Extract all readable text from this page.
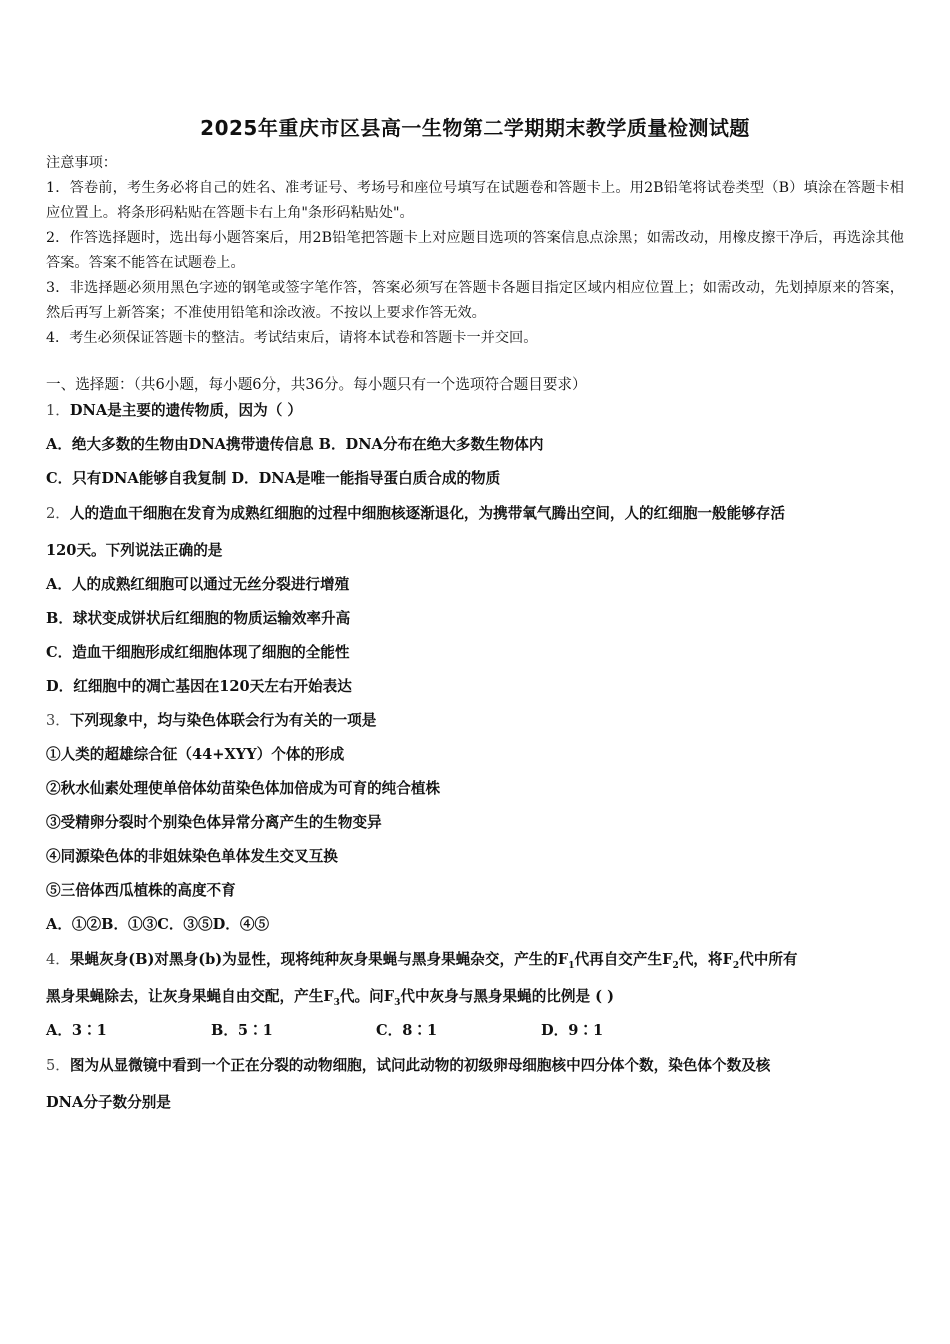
2025年重庆市区县高一生物第二学期期末教学质量检测试题

注意事项：

1．答卷前，考生务必将自己的姓名、准考证号、考场号和座位号填写在试题卷和答题卡上。用2B铅笔将试卷类型（B）填涂在答题卡相应位置上。将条形码粘贴在答题卡右上角"条形码粘贴处"。

2．作答选择题时，选出每小题答案后，用2B铅笔把答题卡上对应题目选项的答案信息点涂黑；如需改动，用橡皮擦干净后，再选涂其他答案。答案不能答在试题卷上。

3．非选择题必须用黑色字迹的钢笔或签字笔作答，答案必须写在答题卡各题目指定区域内相应位置上；如需改动，先划掉原来的答案，然后再写上新答案；不准使用铅笔和涂改液。不按以上要求作答无效。

4．考生必须保证答题卡的整洁。考试结束后，请将本试卷和答题卡一并交回。

一、选择题：（共6小题，每小题6分，共36分。每小题只有一个选项符合题目要求）
1．DNA是主要的遗传物质，因为（ ）
A．绝大多数的生物由DNA携带遗传信息 B．DNA分布在绝大多数生物体内
C．只有DNA能够自我复制 D．DNA是唯一能指导蛋白质合成的物质
2．人的造血干细胞在发育为成熟红细胞的过程中细胞核逐渐退化，为携带氧气腾出空间，人的红细胞一般能够存活
120天。下列说法正确的是
A．人的成熟红细胞可以通过无丝分裂进行增殖
B．球状变成饼状后红细胞的物质运输效率升高
C．造血干细胞形成红细胞体现了细胞的全能性
D．红细胞中的凋亡基因在120天左右开始表达
3．下列现象中，均与染色体联会行为有关的一项是
①人类的超雄综合征（44+XYY）个体的形成
②秋水仙素处理使单倍体幼苗染色体加倍成为可育的纯合植株
③受精卵分裂时个别染色体异常分离产生的生物变异
④同源染色体的非姐妹染色单体发生交叉互换
⑤三倍体西瓜植株的高度不育
A．①②B．①③C．③⑤D．④⑤
4．果蝇灰身(B)对黑身(b)为显性，现将纯种灰身果蝇与黑身果蝇杂交，产生的$F_1$代再自交产生$F_2$代，将$F_2$代中所有
黑身果蝇除去，让灰身果蝇自由交配，产生$F_3$代。问$F_3$代中灰身与黑身果蝇的比例是 ( )
A．3∶1	B．5∶1	C．8∶1	D．9∶1
5．图为从显微镜中看到一个正在分裂的动物细胞，试问此动物的初级卵母细胞核中四分体个数，染色体个数及核
DNA分子数分别是
